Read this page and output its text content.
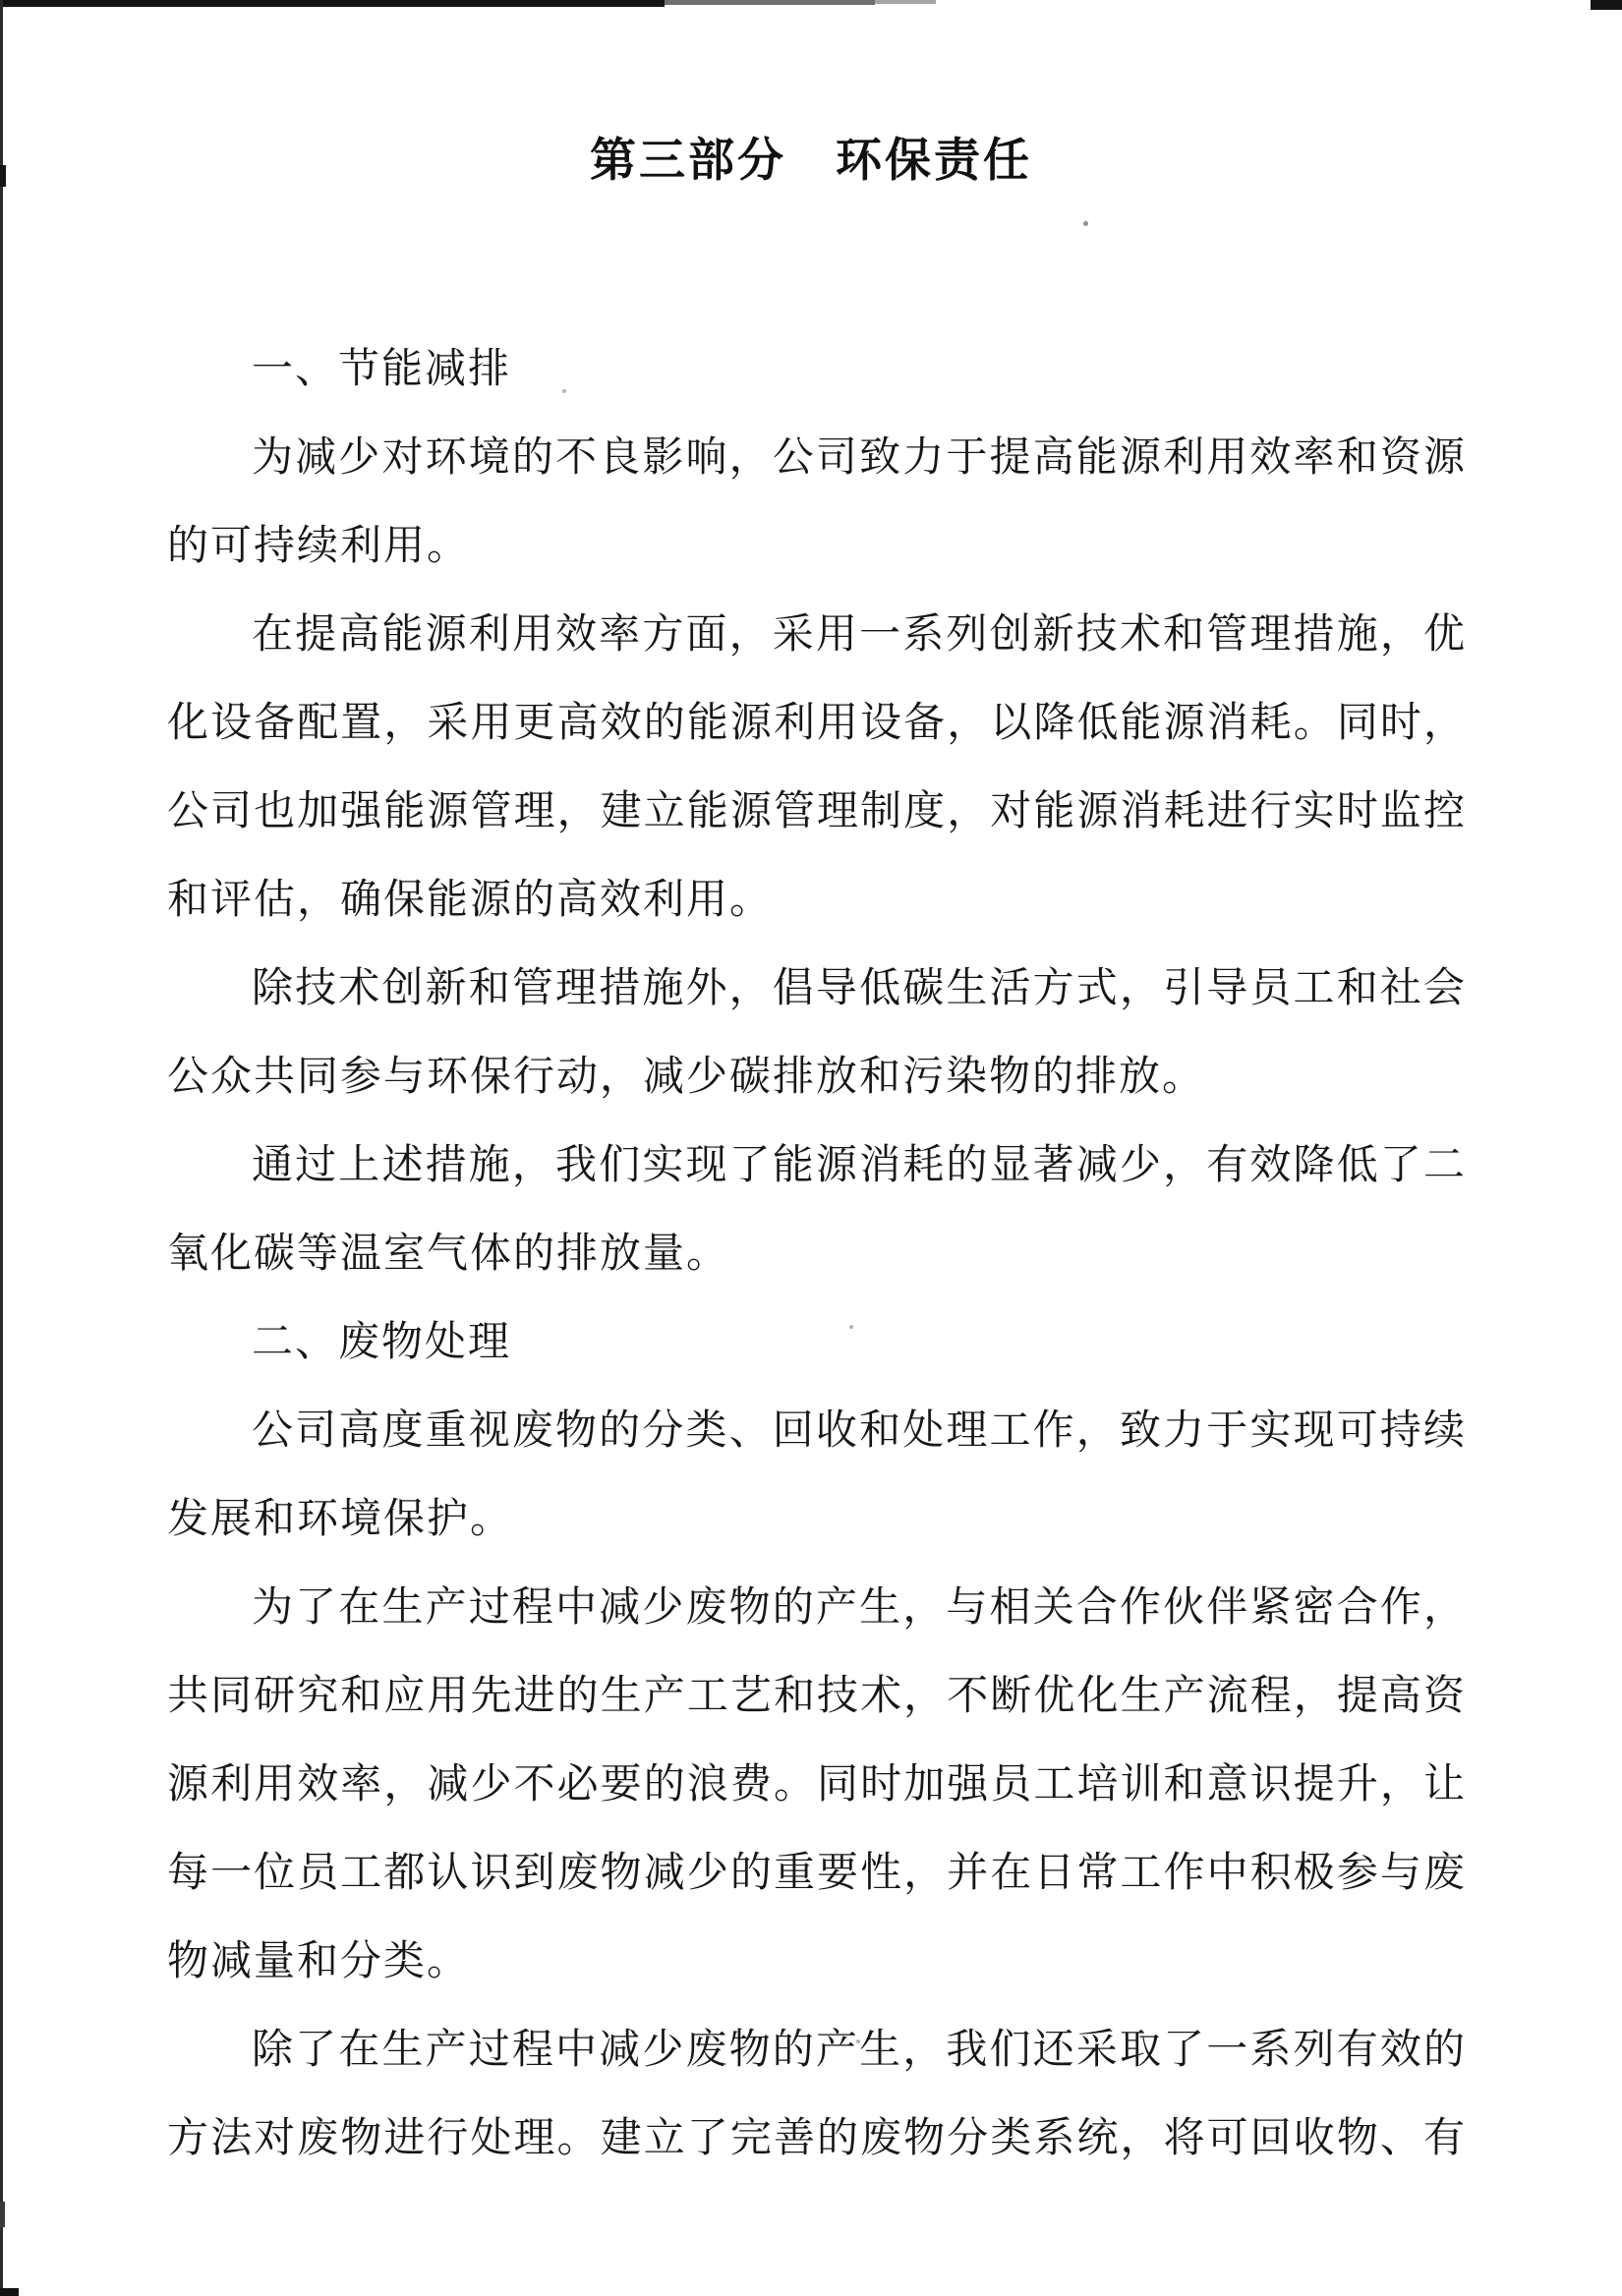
第三部分　环保责任
一、节能减排
为减少对环境的不良影响，公司致力于提高能源利用效率和资源
的可持续利用。
在提高能源利用效率方面，采用一系列创新技术和管理措施，优
化设备配置，采用更高效的能源利用设备，以降低能源消耗。同时，
公司也加强能源管理，建立能源管理制度，对能源消耗进行实时监控
和评估，确保能源的高效利用。
除技术创新和管理措施外，倡导低碳生活方式，引导员工和社会
公众共同参与环保行动，减少碳排放和污染物的排放。
通过上述措施，我们实现了能源消耗的显著减少，有效降低了二
氧化碳等温室气体的排放量。
二、废物处理
公司高度重视废物的分类、回收和处理工作，致力于实现可持续
发展和环境保护。
为了在生产过程中减少废物的产生，与相关合作伙伴紧密合作，
共同研究和应用先进的生产工艺和技术，不断优化生产流程，提高资
源利用效率，减少不必要的浪费。同时加强员工培训和意识提升，让
每一位员工都认识到废物减少的重要性，并在日常工作中积极参与废
物减量和分类。
除了在生产过程中减少废物的产生，我们还采取了一系列有效的
方法对废物进行处理。建立了完善的废物分类系统，将可回收物、有
